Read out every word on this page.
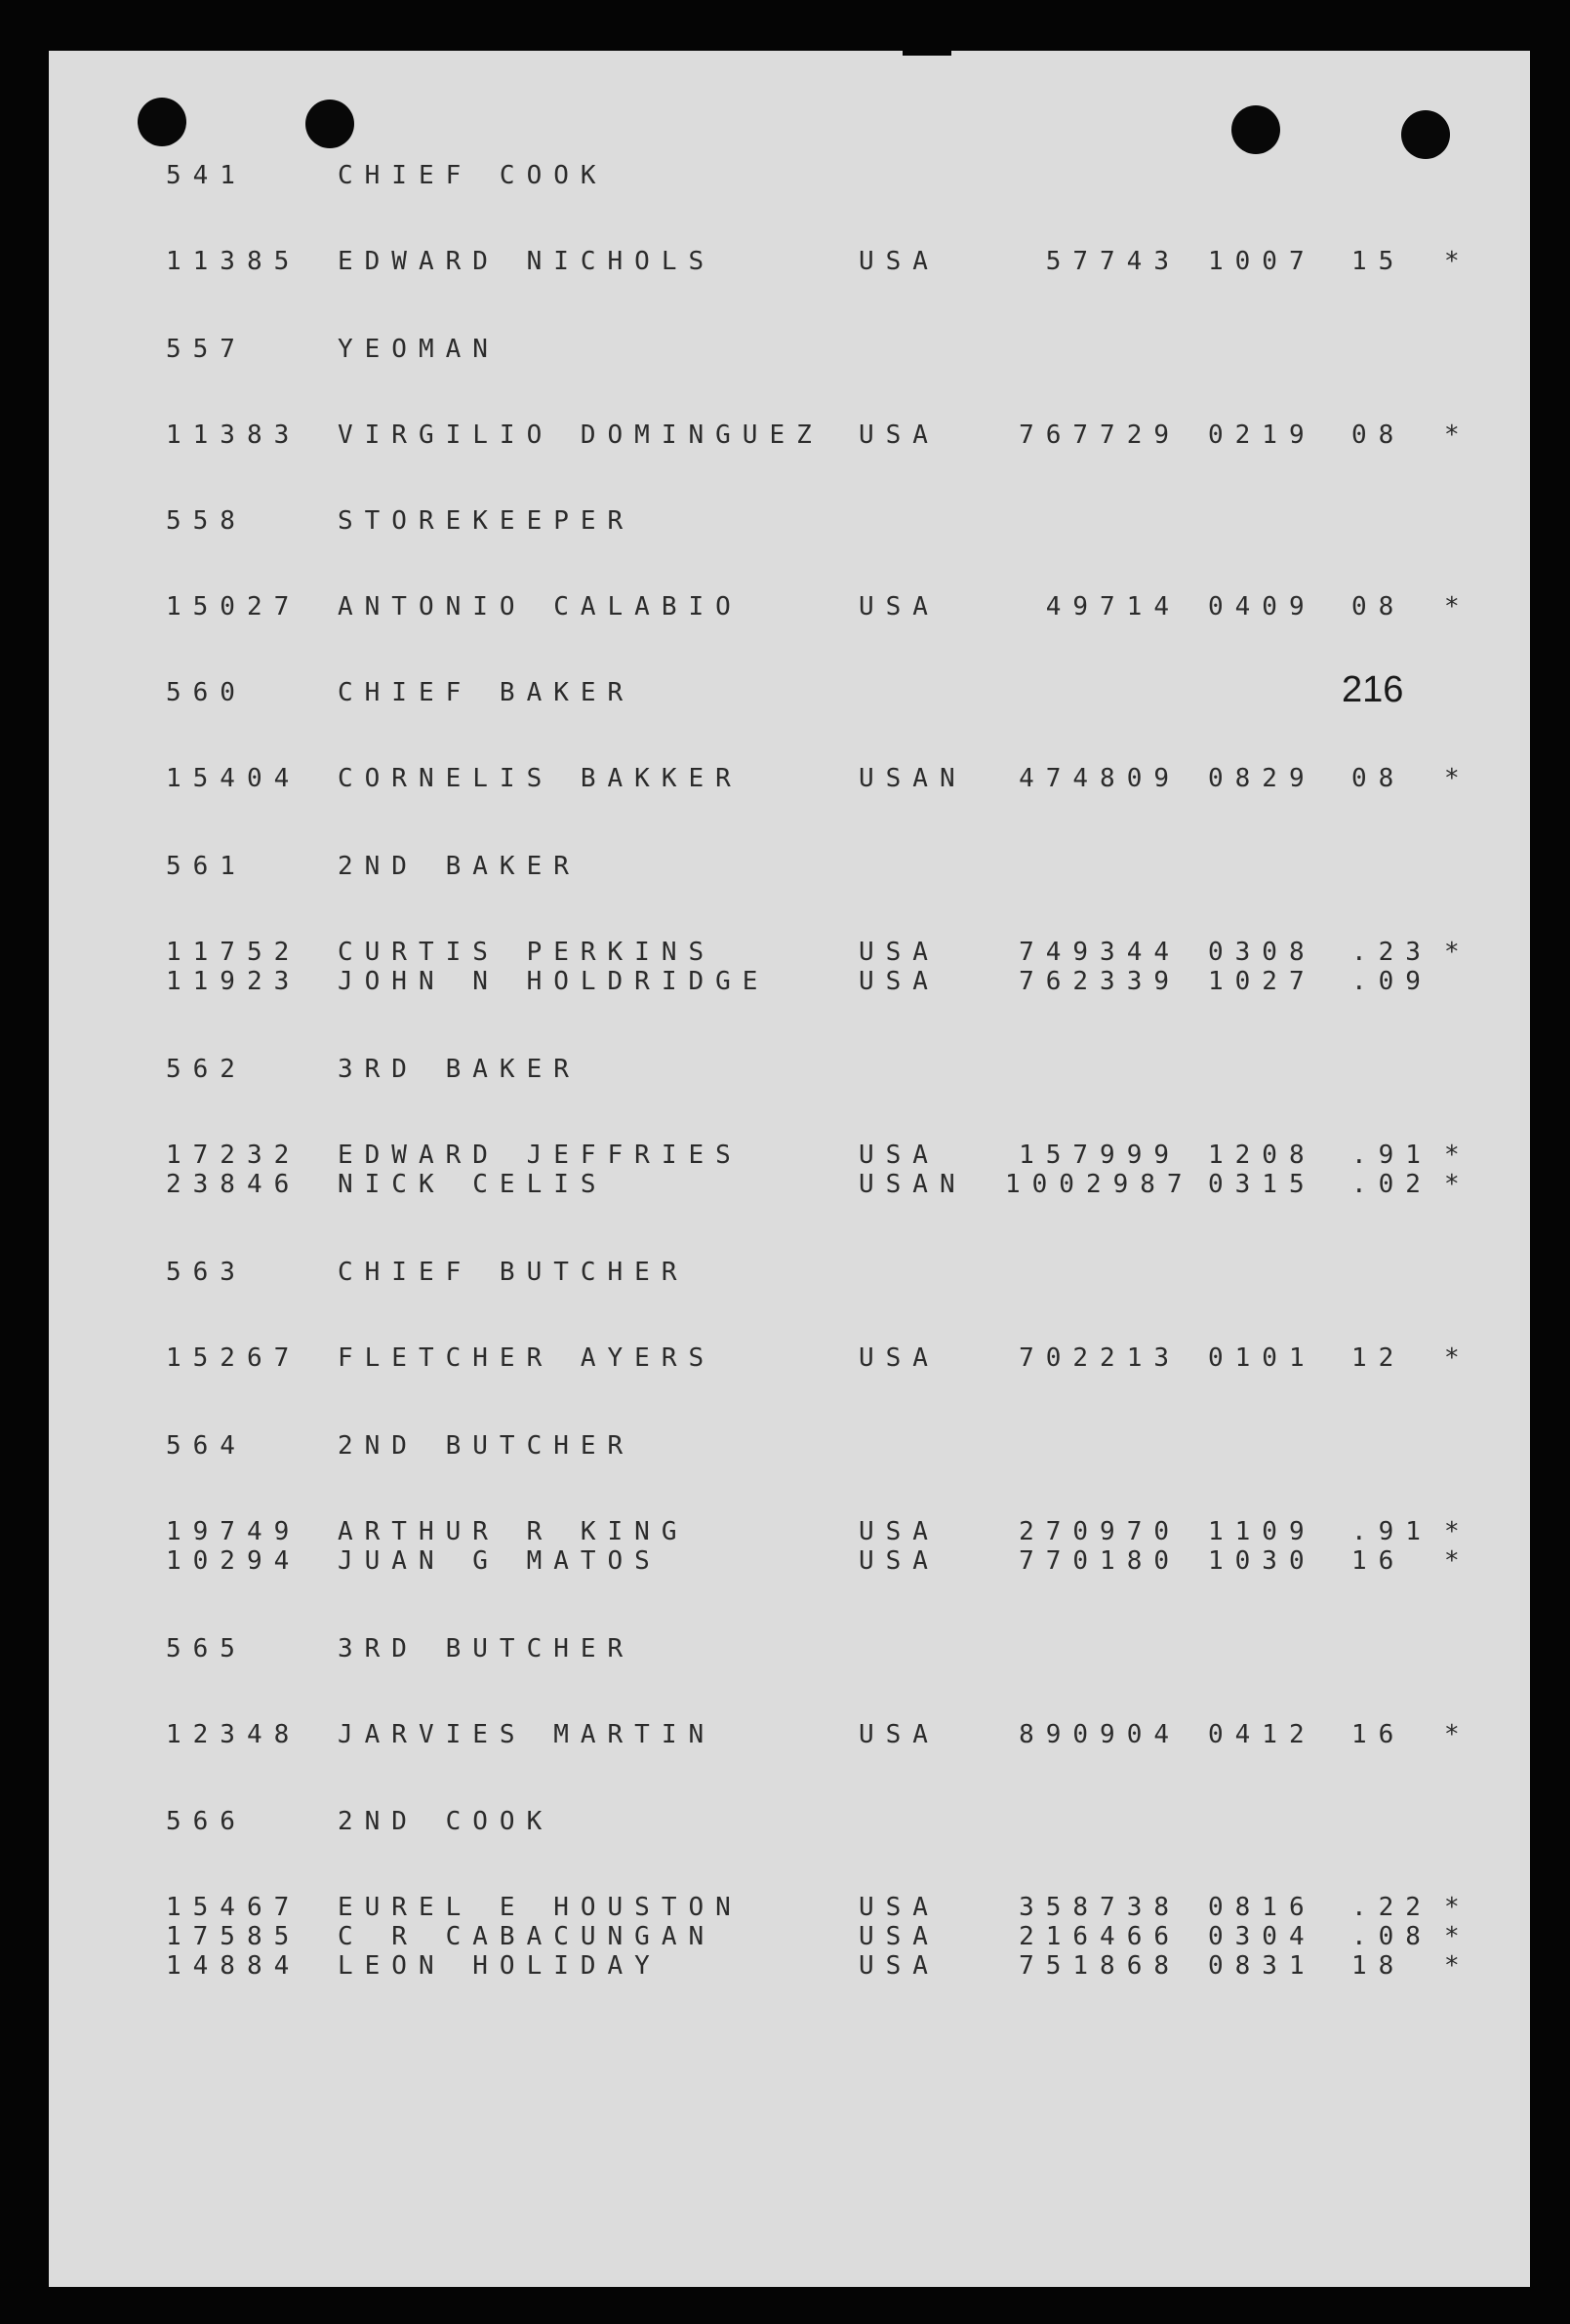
216
541	CHIEF COOK
11385 EDWARD NICHOLS	USA	57743 1007 15 *
557	YEOMAN
11383 VIRGILIO DOMINGUEZ USA	767729 0219 08 *
558	STOREKEEPER
15027 ANTONIO CALABIO	USA	49714 0409 08 *
560	CHIEF BAKER
15404 CORNELIS BAKKER	USAN	474809 0829 08 *
561	2ND BAKER
11752 CURTIS PERKINS	USA	749344 0308 .23 *
11923 JOHN N HOLDRIDGE	USA	762339 1027 .09
562	3RD BAKER
17232 EDWARD JEFFRIES	USA	157999 1208 .91 *
23846 NICK CELIS	USAN 1002987 0315 .02 *
563	CHIEF BUTCHER
15267 FLETCHER AYERS	USA	702213 0101 12 *
564	2ND BUTCHER
19749 ARTHUR R KING	USA	270970 1109 .91 *
10294 JUAN G MATOS	USA	770180 1030 16 *
565	3RD BUTCHER
12348 JARVIES MARTIN	USA	890904 0412 16 *
566	2ND COOK
15467 EUREL E HOUSTON	USA	358738 0816 .22 *
17585 C R CABACUNGAN	USA	216466 0304 .08 *
14884 LEON HOLIDAY	USA	751868 0831 18 *
